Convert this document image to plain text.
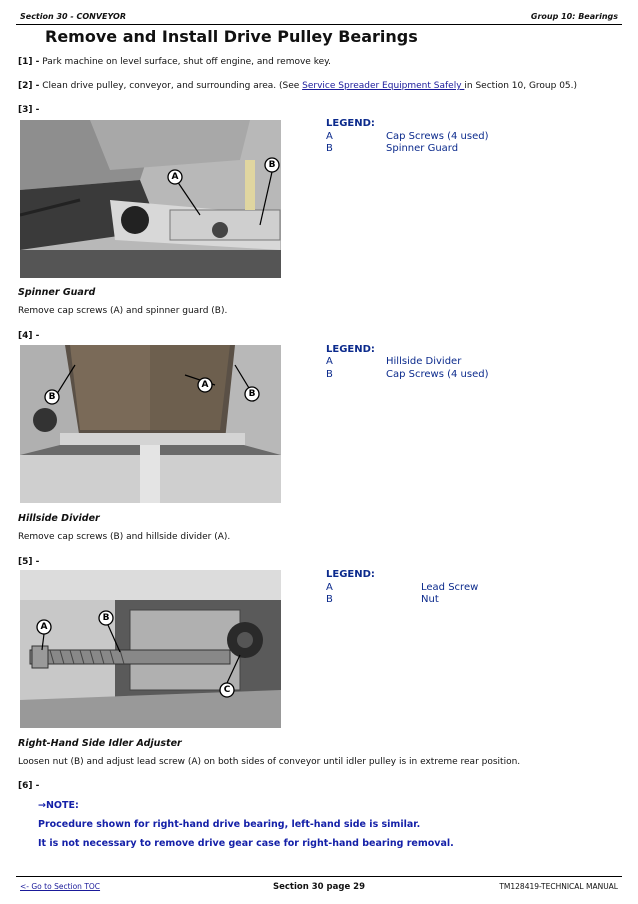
Section 30 - CONVEYOR	Group 10: Bearings
Remove and Install Drive Pulley Bearings
[1] - Park machine on level surface, shut off engine, and remove key.
[2] - Clean drive pulley, conveyor, and surrounding area. (See Service Spreader Equipment Safely in Section 10, Group 05.)
[3] -
A
B
LEGEND:
A	Cap Screws (4 used)
B	Spinner Guard
Spinner Guard
Remove cap screws (A) and spinner guard (B).
[4] -
A
B	B
LEGEND:
A	Hillside Divider
B	Cap Screws (4 used)
Hillside Divider
Remove cap screws (B) and hillside divider (A).
[5] -
A
B
C
LEGEND:
A	Lead Screw
B	Nut
Right-Hand Side Idler Adjuster
Loosen nut (B) and adjust lead screw (A) on both sides of conveyor until idler pulley is in extreme rear position.
[6] -
→NOTE:
Procedure shown for right-hand drive bearing, left-hand side is similar.
It is not necessary to remove drive gear case for right-hand bearing removal.
<- Go to Section TOC	Section 30 page 29	TM128419-TECHNICAL MANUAL
